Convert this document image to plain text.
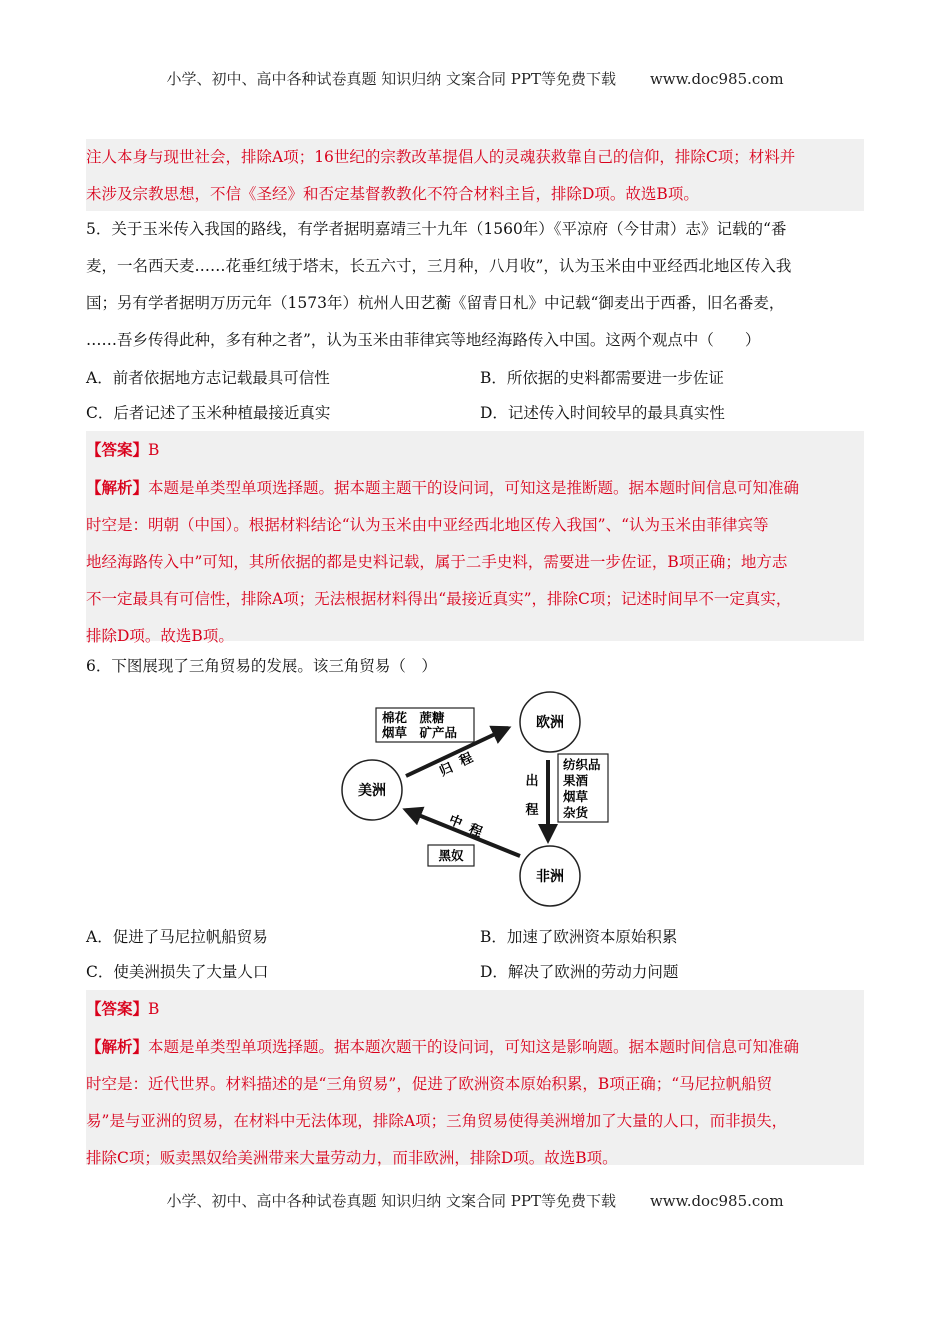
小学、初中、高中各种试卷真题 知识归纳 文案合同 PPT等免费下载 www.doc985.com
注人本身与现世社会，排除A项；16世纪的宗教改革提倡人的灵魂获救靠自己的信仰，排除C项；材料并
未涉及宗教思想，不信《圣经》和否定基督教教化不符合材料主旨，排除D项。故选B项。
5．关于玉米传入我国的路线，有学者据明嘉靖三十九年（1560年）《平凉府（今甘肃）志》记载的“番
麦，一名西天麦……花垂红绒于塔末，长五六寸，三月种，八月收”，认为玉米由中亚经西北地区传入我
国；另有学者据明万历元年（1573年）杭州人田艺蘅《留青日札》中记载“御麦出于西番，旧名番麦，
……吾乡传得此种，多有种之者”，认为玉米由菲律宾等地经海路传入中国。这两个观点中（　　）
A．前者依据地方志记载最具可信性	B．所依据的史料都需要进一步佐证
C．后者记述了玉米种植最接近真实	D．记述传入时间较早的最具真实性
【答案】B
【解析】本题是单类型单项选择题。据本题主题干的设问词，可知这是推断题。据本题时间信息可知准确
时空是：明朝（中国）。根据材料结论“认为玉米由中亚经西北地区传入我国”、“认为玉米由菲律宾等
地经海路传入中”可知，其所依据的都是史料记载，属于二手史料，需要进一步佐证，B项正确；地方志
不一定最具有可信性，排除A项；无法根据材料得出“最接近真实”，排除C项；记述时间早不一定真实，
排除D项。故选B项。
6．下图展现了三角贸易的发展。该三角贸易（　）
欧洲
美洲
非洲
归
程
出
程
中 程
棉花　蔗糖
烟草　矿产品
纺织品
果酒
烟草
杂货
黑奴
A．促进了马尼拉帆船贸易	B．加速了欧洲资本原始积累
C．使美洲损失了大量人口	D．解决了欧洲的劳动力问题
【答案】B
【解析】本题是单类型单项选择题。据本题次题干的设问词，可知这是影响题。据本题时间信息可知准确
时空是：近代世界。材料描述的是“三角贸易”，促进了欧洲资本原始积累，B项正确；“马尼拉帆船贸
易”是与亚洲的贸易，在材料中无法体现，排除A项；三角贸易使得美洲增加了大量的人口，而非损失，
排除C项；贩卖黑奴给美洲带来大量劳动力，而非欧洲，排除D项。故选B项。
小学、初中、高中各种试卷真题 知识归纳 文案合同 PPT等免费下载 www.doc985.com
